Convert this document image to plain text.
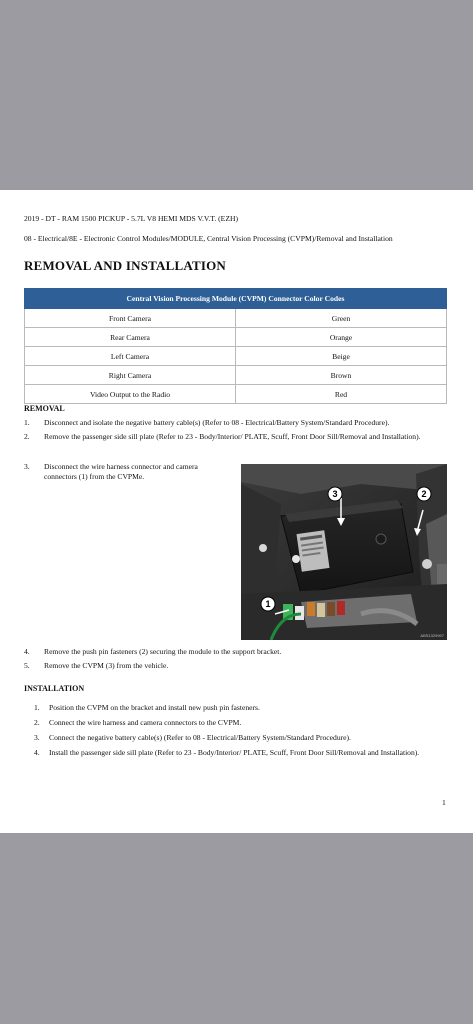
2019 - DT - RAM 1500 PICKUP - 5.7L V8 HEMI MDS V.V.T. (EZH)
08 - Electrical/8E - Electronic Control Modules/MODULE, Central Vision Processing (CVPM)/Removal and Installation
REMOVAL AND INSTALLATION
Central Vision Processing Module (CVPM) Connector Color Codes	
Front Camera	Green
Rear Camera	Orange
Left Camera	Beige
Right Camera	Brown
Video Output to the Radio	Red
REMOVAL
1. Disconnect and isolate the negative battery cable(s) (Refer to 08 - Electrical/Battery System/Standard Procedure).
2. Remove the passenger side sill plate (Refer to 23 - Body/Interior/ PLATE, Scuff, Front Door Sill/Removal and Installation).
3. Disconnect the wire harness connector and camera connectors (1) from the CVPMe.
3	2
1
ABS1329997
4. Remove the push pin fasteners (2) securing the module to the support bracket.
5. Remove the CVPM (3) from the vehicle.
INSTALLATION
1. Position the CVPM on the bracket and install new push pin fasteners.
2. Connect the wire harness and camera connectors to the CVPM.
3. Connect the negative battery cable(s) (Refer to 08 - Electrical/Battery System/Standard Procedure).
4. Install the passenger side sill plate (Refer to 23 - Body/Interior/ PLATE, Scuff, Front Door Sill/Removal and Installation).
1
